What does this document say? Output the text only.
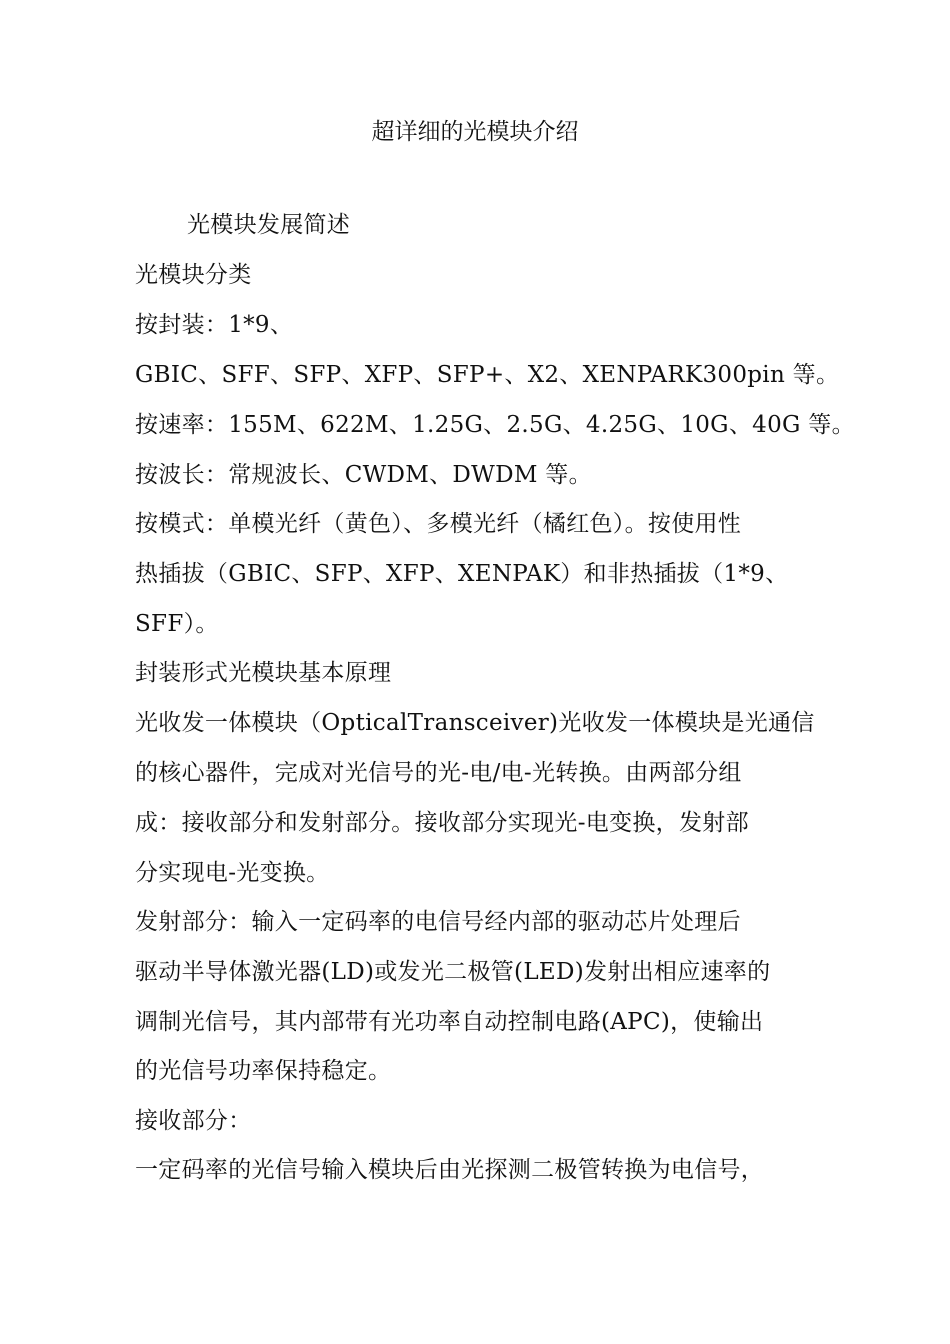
超详细的光模块介绍
光模块发展简述
光模块分类
按封装：1*9、
GBIC、SFF、SFP、XFP、SFP+、X2、XENPARK300pin 等。
按速率：155M、622M、1.25G、2.5G、4.25G、10G、40G 等。
按波长：常规波长、CWDM、DWDM 等。
按模式：单模光纤（黄色）、多模光纤（橘红色）。按使用性
热插拔（GBIC、SFP、XFP、XENPAK）和非热插拔（1*9、
SFF）。
封装形式光模块基本原理
光收发一体模块（OpticalTransceiver)光收发一体模块是光通信
的核心器件，完成对光信号的光-电/电-光转换。由两部分组
成：接收部分和发射部分。接收部分实现光-电变换，发射部
分实现电-光变换。
发射部分：输入一定码率的电信号经内部的驱动芯片处理后
驱动半导体激光器(LD)或发光二极管(LED)发射出相应速率的
调制光信号，其内部带有光功率自动控制电路(APC)，使输出
的光信号功率保持稳定。
接收部分：
一定码率的光信号输入模块后由光探测二极管转换为电信号，
